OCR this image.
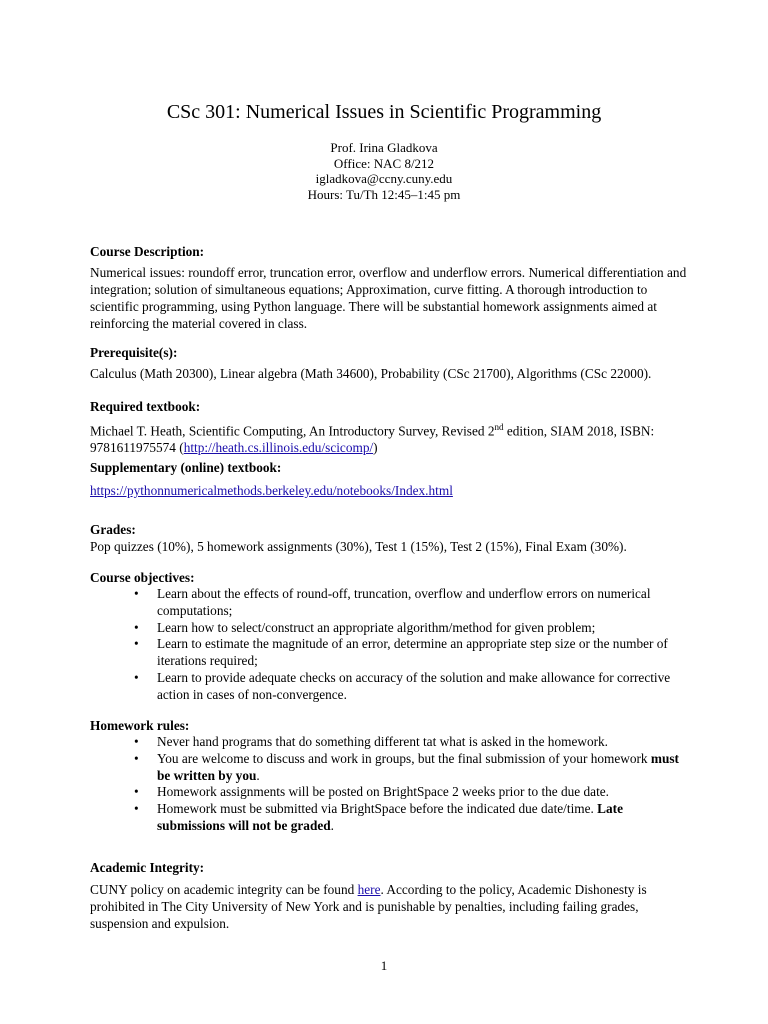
CSc 301: Numerical Issues in Scientific Programming
Prof. Irina Gladkova
Office: NAC 8/212
igladkova@ccny.cuny.edu
Hours: Tu/Th 12:45–1:45 pm
Course Description:
Numerical issues: roundoff error, truncation error, overflow and underflow errors. Numerical differentiation and integration; solution of simultaneous equations; Approximation, curve fitting. A thorough introduction to scientific programming, using Python language. There will be substantial homework assignments aimed at reinforcing the material covered in class.
Prerequisite(s):
Calculus (Math 20300), Linear algebra (Math 34600), Probability (CSc 21700), Algorithms (CSc 22000).
Required textbook:
Michael T. Heath, Scientific Computing, An Introductory Survey, Revised 2nd edition, SIAM 2018, ISBN: 9781611975574 (http://heath.cs.illinois.edu/scicomp/)
Supplementary (online) textbook:
https://pythonnumericalmethods.berkeley.edu/notebooks/Index.html
Grades:
Pop quizzes (10%), 5 homework assignments (30%), Test 1 (15%), Test 2 (15%), Final Exam (30%).
Course objectives:
• Learn about the effects of round-off, truncation, overflow and underflow errors on numerical computations;
• Learn how to select/construct an appropriate algorithm/method for given problem;
• Learn to estimate the magnitude of an error, determine an appropriate step size or the number of iterations required;
• Learn to provide adequate checks on accuracy of the solution and make allowance for corrective action in cases of non-convergence.
Homework rules:
• Never hand programs that do something different tat what is asked in the homework.
• You are welcome to discuss and work in groups, but the final submission of your homework must be written by you.
• Homework assignments will be posted on BrightSpace 2 weeks prior to the due date.
• Homework must be submitted via BrightSpace before the indicated due date/time. Late submissions will not be graded.
Academic Integrity:
CUNY policy on academic integrity can be found here. According to the policy, Academic Dishonesty is prohibited in The City University of New York and is punishable by penalties, including failing grades, suspension and expulsion.
1
